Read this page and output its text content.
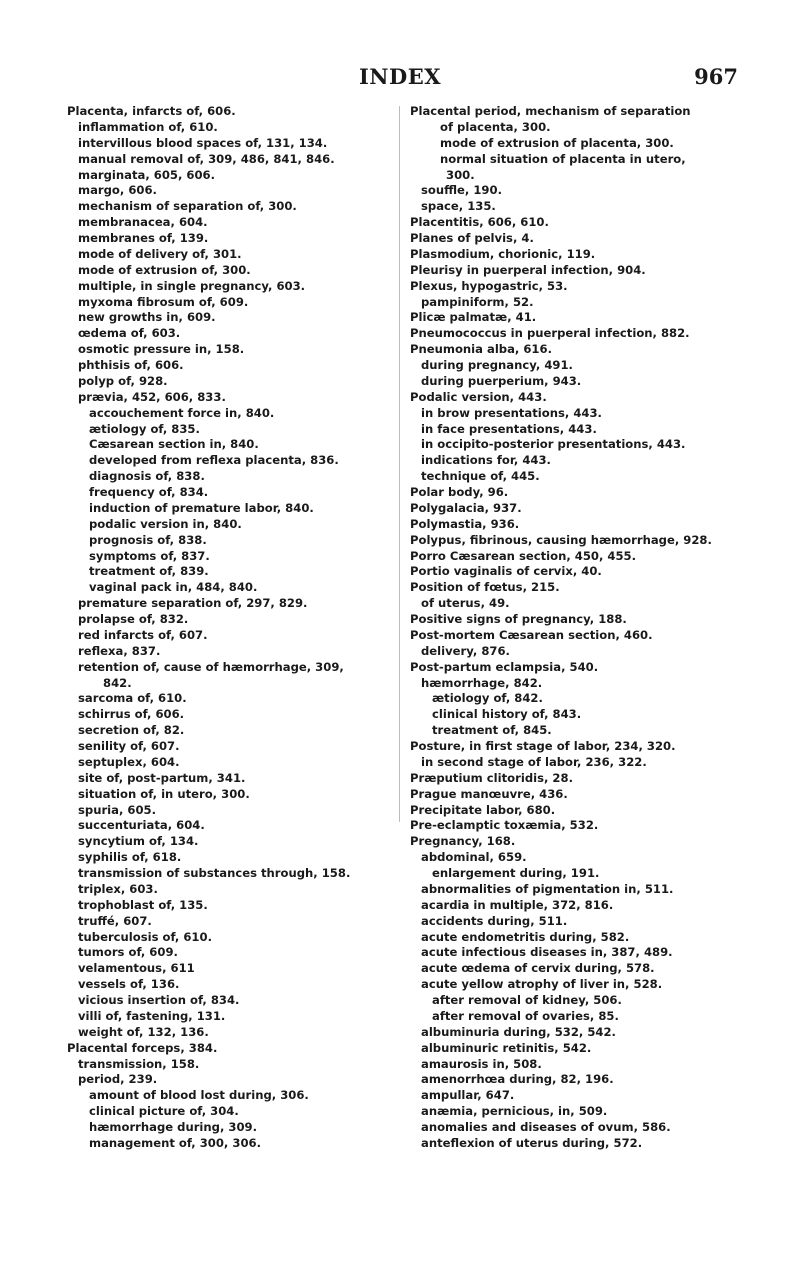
INDEX	967
Placenta, infarcts of, 606.
inflammation of, 610.
intervillous blood spaces of, 131, 134.
manual removal of, 309, 486, 841, 846.
marginata, 605, 606.
margo, 606.
mechanism of separation of, 300.
membranacea, 604.
membranes of, 139.
mode of delivery of, 301.
mode of extrusion of, 300.
multiple, in single pregnancy, 603.
myxoma fibrosum of, 609.
new growths in, 609.
œdema of, 603.
osmotic pressure in, 158.
phthisis of, 606.
polyp of, 928.
prævia, 452, 606, 833.
accouchement force in, 840.
ætiology of, 835.
Cæsarean section in, 840.
developed from reflexa placenta, 836.
diagnosis of, 838.
frequency of, 834.
induction of premature labor, 840.
podalic version in, 840.
prognosis of, 838.
symptoms of, 837.
treatment of, 839.
vaginal pack in, 484, 840.
premature separation of, 297, 829.
prolapse of, 832.
red infarcts of, 607.
reflexa, 837.
retention of, cause of hæmorrhage, 309,
842.
sarcoma of, 610.
schirrus of, 606.
secretion of, 82.
senility of, 607.
septuplex, 604.
site of, post-partum, 341.
situation of, in utero, 300.
spuria, 605.
succenturiata, 604.
syncytium of, 134.
syphilis of, 618.
transmission of substances through, 158.
triplex, 603.
trophoblast of, 135.
truffé, 607.
tuberculosis of, 610.
tumors of, 609.
velamentous, 611
vessels of, 136.
vicious insertion of, 834.
villi of, fastening, 131.
weight of, 132, 136.
Placental forceps, 384.
transmission, 158.
period, 239.
amount of blood lost during, 306.
clinical picture of, 304.
hæmorrhage during, 309.
management of, 300, 306.
Placental period, mechanism of separation
of placenta, 300.
mode of extrusion of placenta, 300.
normal situation of placenta in utero,
300.
souffle, 190.
space, 135.
Placentitis, 606, 610.
Planes of pelvis, 4.
Plasmodium, chorionic, 119.
Pleurisy in puerperal infection, 904.
Plexus, hypogastric, 53.
pampiniform, 52.
Plicæ palmatæ, 41.
Pneumococcus in puerperal infection, 882.
Pneumonia alba, 616.
during pregnancy, 491.
during puerperium, 943.
Podalic version, 443.
in brow presentations, 443.
in face presentations, 443.
in occipito-posterior presentations, 443.
indications for, 443.
technique of, 445.
Polar body, 96.
Polygalacia, 937.
Polymastia, 936.
Polypus, fibrinous, causing hæmorrhage, 928.
Porro Cæsarean section, 450, 455.
Portio vaginalis of cervix, 40.
Position of fœtus, 215.
of uterus, 49.
Positive signs of pregnancy, 188.
Post-mortem Cæsarean section, 460.
delivery, 876.
Post-partum eclampsia, 540.
hæmorrhage, 842.
ætiology of, 842.
clinical history of, 843.
treatment of, 845.
Posture, in first stage of labor, 234, 320.
in second stage of labor, 236, 322.
Præputium clitoridis, 28.
Prague manœuvre, 436.
Precipitate labor, 680.
Pre-eclamptic toxæmia, 532.
Pregnancy, 168.
abdominal, 659.
enlargement during, 191.
abnormalities of pigmentation in, 511.
acardia in multiple, 372, 816.
accidents during, 511.
acute endometritis during, 582.
acute infectious diseases in, 387, 489.
acute œdema of cervix during, 578.
acute yellow atrophy of liver in, 528.
after removal of kidney, 506.
after removal of ovaries, 85.
albuminuria during, 532, 542.
albuminuric retinitis, 542.
amaurosis in, 508.
amenorrhœa during, 82, 196.
ampullar, 647.
anæmia, pernicious, in, 509.
anomalies and diseases of ovum, 586.
anteflexion of uterus during, 572.
